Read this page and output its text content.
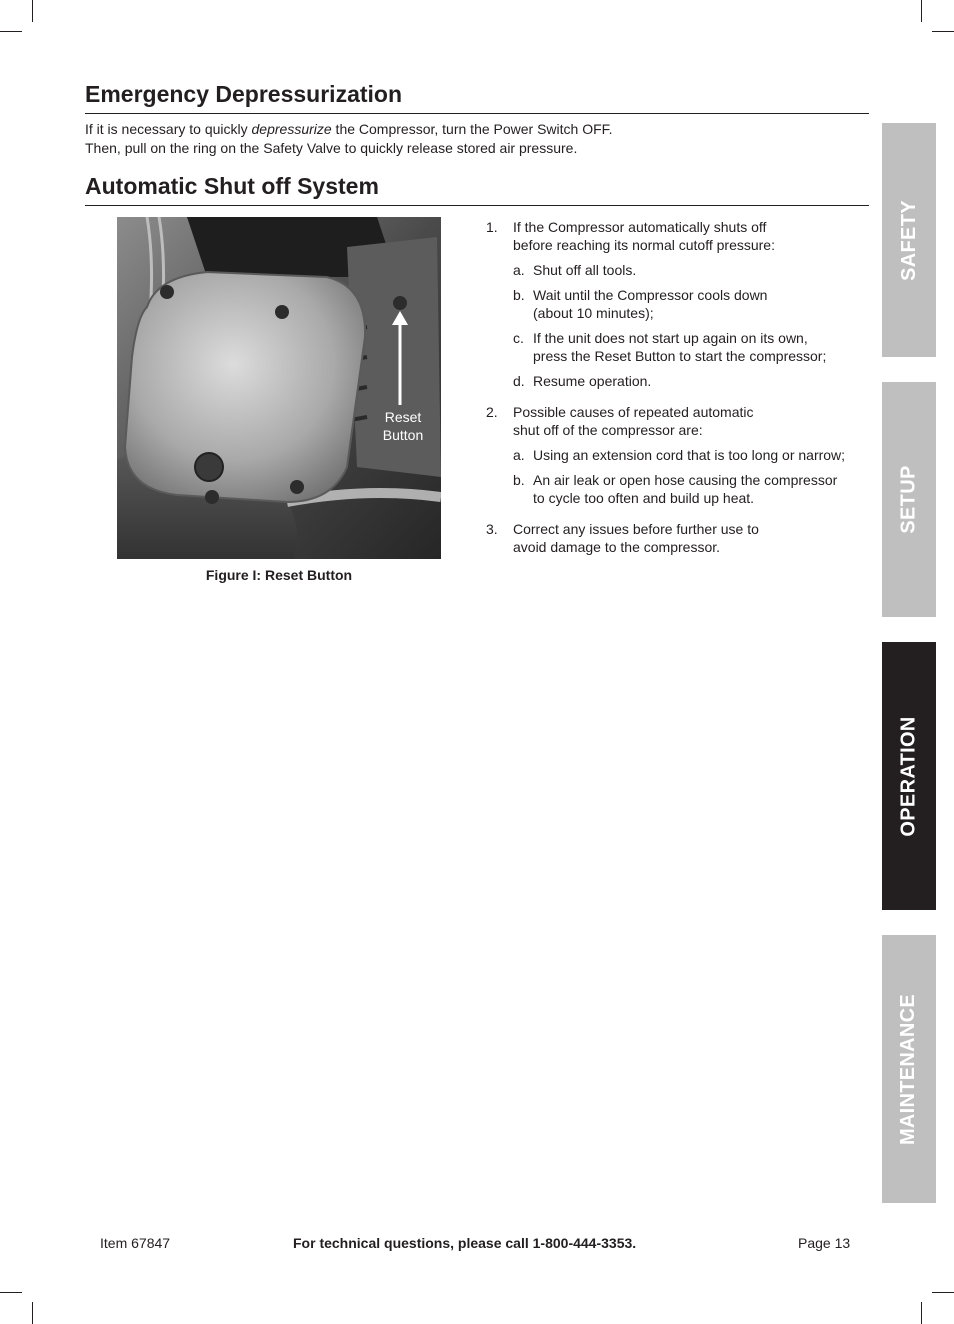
Emergency Depressurization

If it is necessary to quickly depressurize the Compressor, turn the Power Switch OFF.
Then, pull on the ring on the Safety Valve to quickly release stored air pressure.

Automatic Shut off System
Reset
Button
Figure I: Reset Button
1. If the Compressor automatically shuts off
before reaching its normal cutoff pressure:
a. Shut off all tools.
b. Wait until the Compressor cools down
(about 10 minutes);
c. If the unit does not start up again on its own,
press the Reset Button to start the compressor;
d. Resume operation.
2. Possible causes of repeated automatic
shut off of the compressor are:
a. Using an extension cord that is too long or narrow;
b. An air leak or open hose causing the compressor
to cycle too often and build up heat.
3. Correct any issues before further use to
avoid damage to the compressor.
SAFETY
SETUP
OPERATION
MAINTENANCE
Item 67847	For technical questions, please call 1-800-444-3353.	Page 13
